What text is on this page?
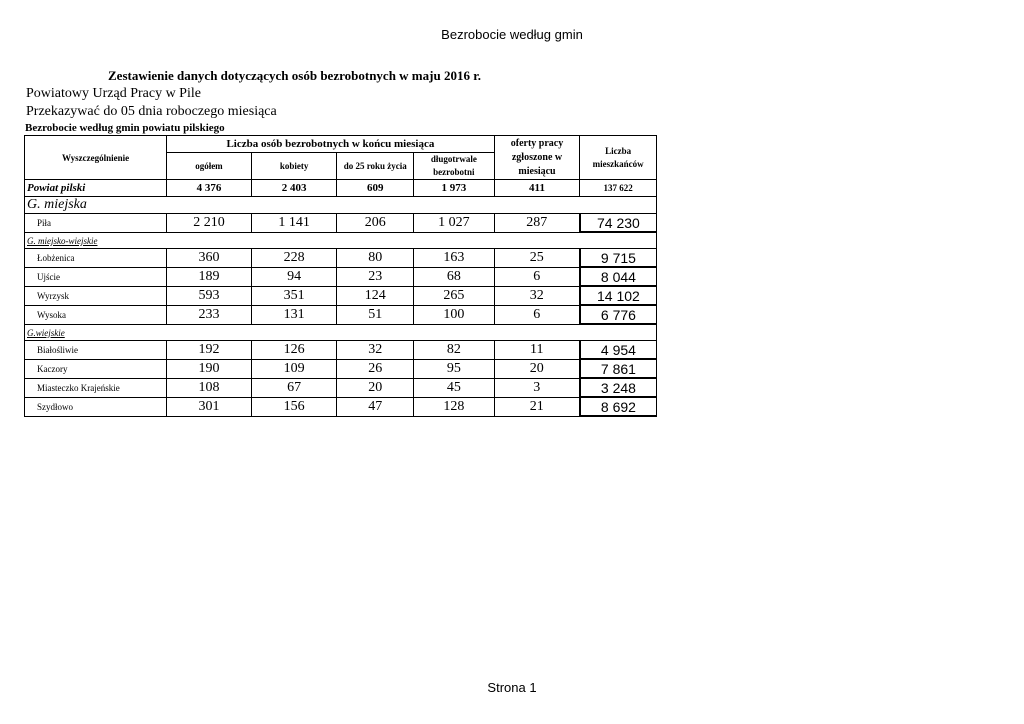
Bezrobocie według gmin
Zestawienie danych dotyczących osób bezrobotnych w maju 2016 r.
Powiatowy Urząd Pracy w Pile
Przekazywać do 05 dnia roboczego miesiąca
Bezrobocie według gmin powiatu pilskiego
Wyszczególnienie	Liczba osób bezrobotnych w końcu miesiąca				oferty pracy zgłoszone w miesiącu	Liczba mieszkańców
	ogółem	kobiety	do 25 roku życia	długotrwale bezrobotni		
Powiat pilski	4 376	2 403	609	1 973	411	137 622
G. miejska						
Piła	2 210	1 141	206	1 027	287	74 230
G. miejsko-wiejskie						
Łobżenica	360	228	80	163	25	9 715
Ujście	189	94	23	68	6	8 044
Wyrzysk	593	351	124	265	32	14 102
Wysoka	233	131	51	100	6	6 776
G.wiejskie						
Białośliwie	192	126	32	82	11	4 954
Kaczory	190	109	26	95	20	7 861
Miasteczko Krajeńskie	108	67	20	45	3	3 248
Szydłowo	301	156	47	128	21	8 692
Strona 1
